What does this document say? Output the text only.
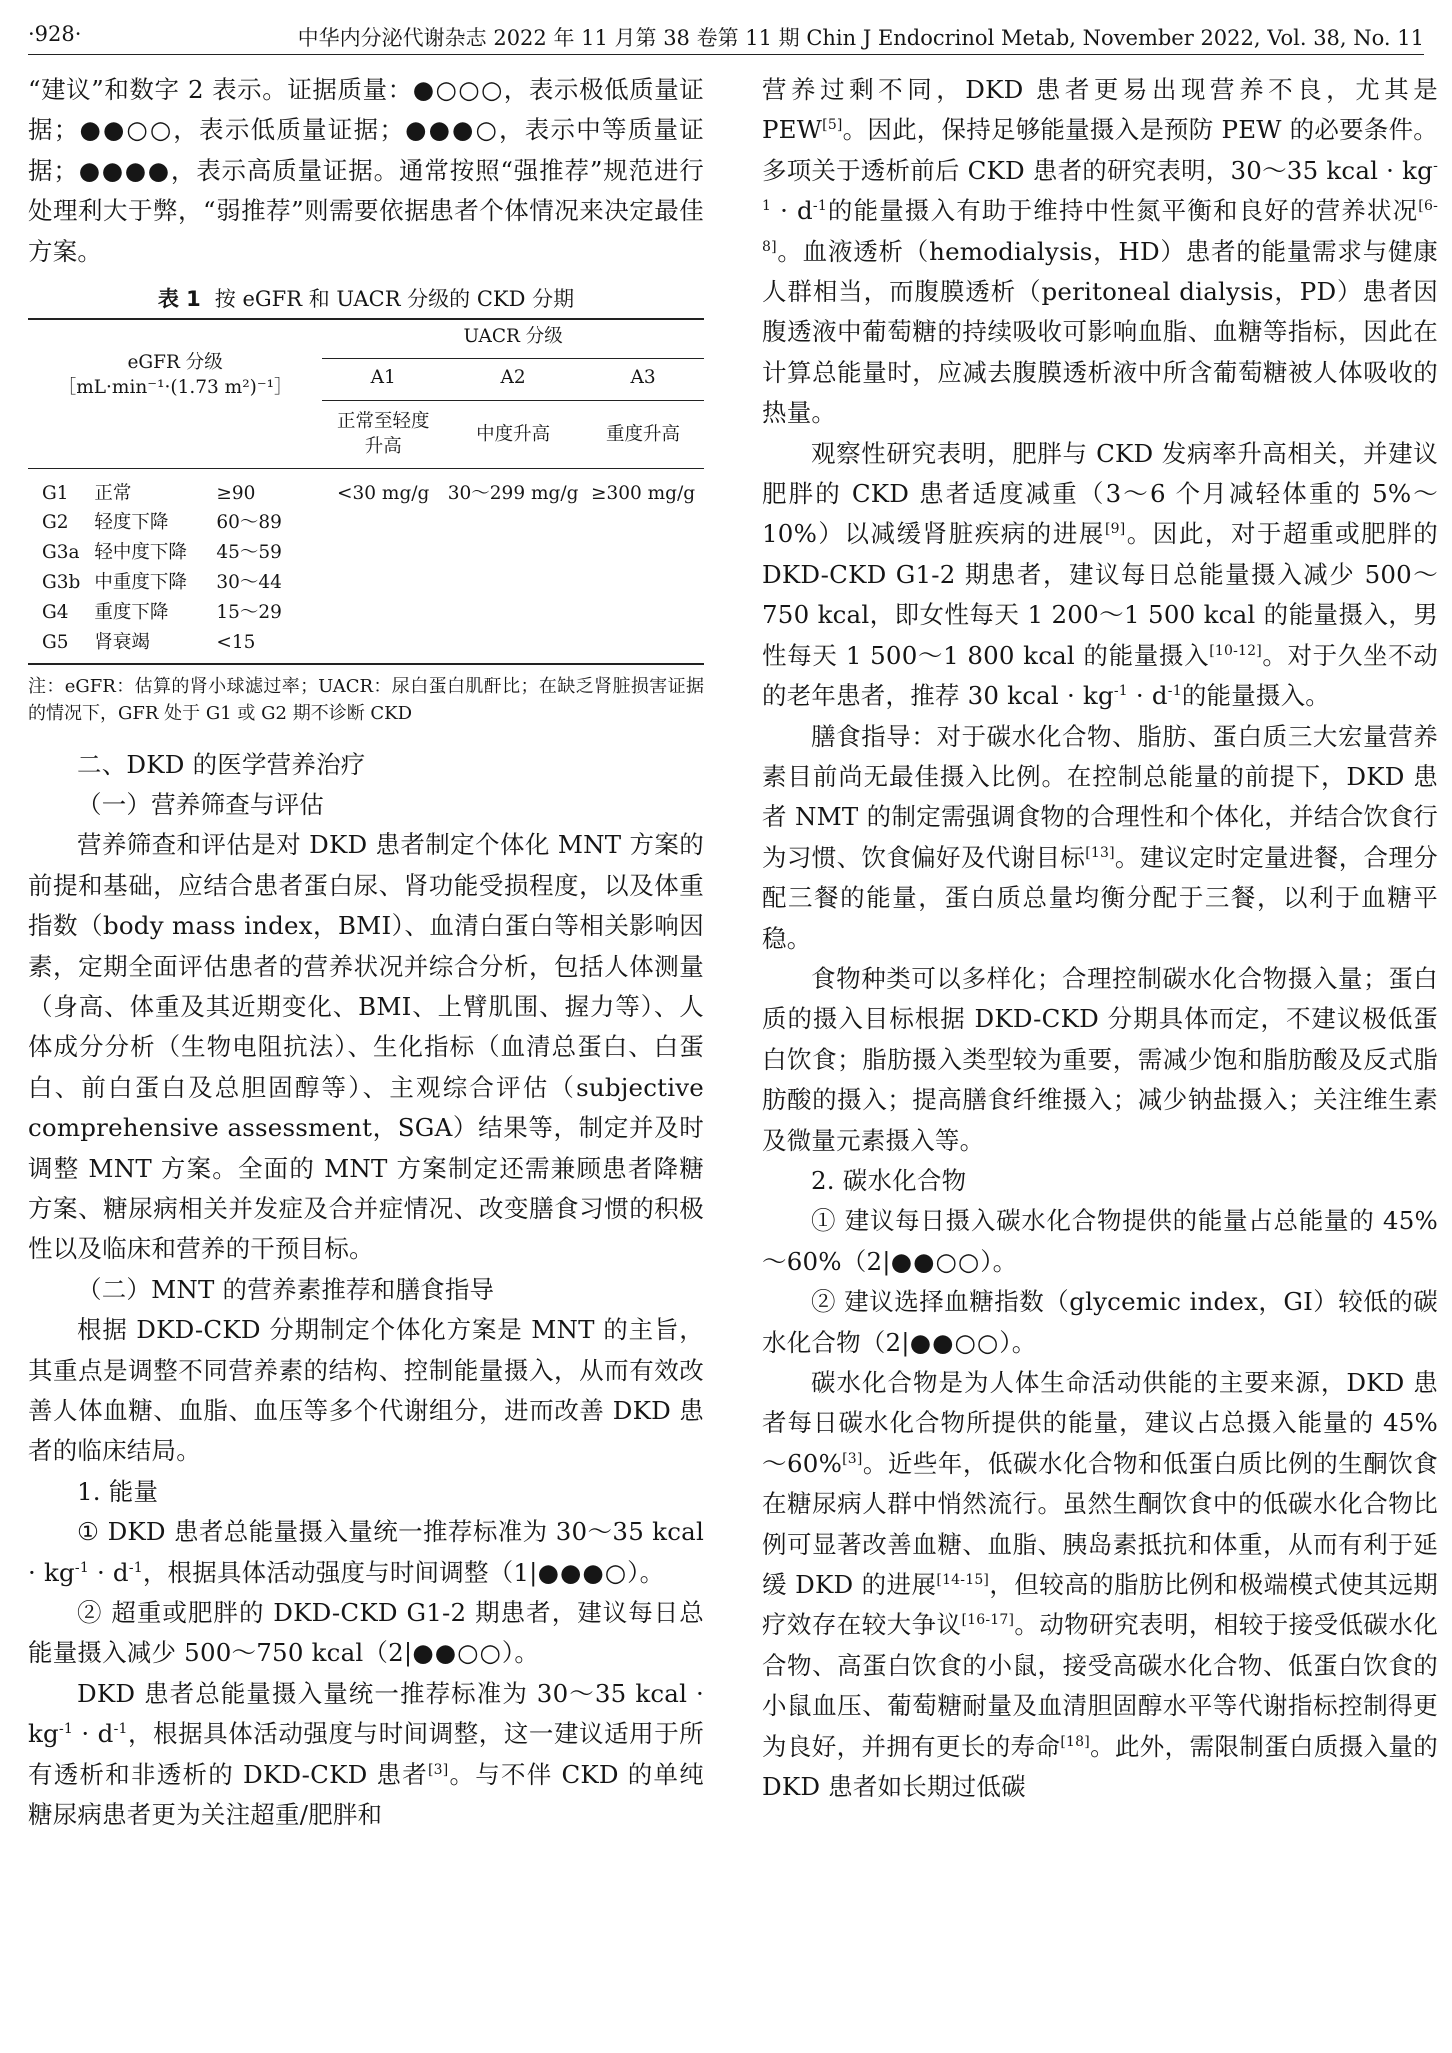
·928·	中华内分泌代谢杂志 2022 年 11 月第 38 卷第 11 期 Chin J Endocrinol Metab, November 2022, Vol. 38, No. 11

“建议”和数字 2 表示。证据质量：●○○○，表示极低质量证据；●●○○，表示低质量证据；●●●○，表示中等质量证据；●●●●，表示高质量证据。通常按照“强推荐”规范进行处理利大于弊，“弱推荐”则需要依据患者个体情况来决定最佳方案。

表 1 按 eGFR 和 UACR 分级的 CKD 分期
eGFR 分级
［mL·min⁻¹·(1.73 m²)⁻¹］			UACR 分级		
			A1	A2	A3
			正常至轻度升高	中度升高	重度升高
G1	正常	≥90	<30 mg/g	30～299 mg/g	≥300 mg/g
G2	轻度下降	60～89			
G3a	轻中度下降	45～59			
G3b	中重度下降	30～44			
G4	重度下降	15～29			
G5	肾衰竭	<15			
注：eGFR：估算的肾小球滤过率；UACR：尿白蛋白肌酐比；在缺乏肾脏损害证据的情况下，GFR 处于 G1 或 G2 期不诊断 CKD

二、DKD 的医学营养治疗

（一）营养筛查与评估

营养筛查和评估是对 DKD 患者制定个体化 MNT 方案的前提和基础，应结合患者蛋白尿、肾功能受损程度，以及体重指数（body mass index，BMI）、血清白蛋白等相关影响因素，定期全面评估患者的营养状况并综合分析，包括人体测量（身高、体重及其近期变化、BMI、上臂肌围、握力等）、人体成分分析（生物电阻抗法）、生化指标（血清总蛋白、白蛋白、前白蛋白及总胆固醇等）、主观综合评估（subjective comprehensive assessment，SGA）结果等，制定并及时调整 MNT 方案。全面的 MNT 方案制定还需兼顾患者降糖方案、糖尿病相关并发症及合并症情况、改变膳食习惯的积极性以及临床和营养的干预目标。

（二）MNT 的营养素推荐和膳食指导

根据 DKD-CKD 分期制定个体化方案是 MNT 的主旨，其重点是调整不同营养素的结构、控制能量摄入，从而有效改善人体血糖、血脂、血压等多个代谢组分，进而改善 DKD 患者的临床结局。

1. 能量

① DKD 患者总能量摄入量统一推荐标准为 30～35 kcal · $kg^{-1} \cdot d^{-1}$，根据具体活动强度与时间调整（1|●●●○）。

② 超重或肥胖的 DKD-CKD G1-2 期患者，建议每日总能量摄入减少 500～750 kcal（2|●●○○）。

DKD 患者总能量摄入量统一推荐标准为 30～35 kcal · $kg^{-1} \cdot d^{-1}$，根据具体活动强度与时间调整，这一建议适用于所有透析和非透析的 DKD-CKD 患者[3]。与不伴 CKD 的单纯糖尿病患者更为关注超重/肥胖和

营养过剩不同，DKD 患者更易出现营养不良，尤其是 PEW[5]。因此，保持足够能量摄入是预防 PEW 的必要条件。多项关于透析前后 CKD 患者的研究表明，30～35 kcal · $kg^{-1} \cdot d^{-1}$的能量摄入有助于维持中性氮平衡和良好的营养状况[6-8]。血液透析（hemodialysis，HD）患者的能量需求与健康人群相当，而腹膜透析（peritoneal dialysis，PD）患者因腹透液中葡萄糖的持续吸收可影响血脂、血糖等指标，因此在计算总能量时，应减去腹膜透析液中所含葡萄糖被人体吸收的热量。

观察性研究表明，肥胖与 CKD 发病率升高相关，并建议肥胖的 CKD 患者适度减重（3～6 个月减轻体重的 5%～10%）以减缓肾脏疾病的进展[9]。因此，对于超重或肥胖的 DKD-CKD G1-2 期患者，建议每日总能量摄入减少 500～750 kcal，即女性每天 1 200～1 500 kcal 的能量摄入，男性每天 1 500～1 800 kcal 的能量摄入[10-12]。对于久坐不动的老年患者，推荐 30 kcal · $kg^{-1} \cdot d^{-1}$的能量摄入。

膳食指导：对于碳水化合物、脂肪、蛋白质三大宏量营养素目前尚无最佳摄入比例。在控制总能量的前提下，DKD 患者 NMT 的制定需强调食物的合理性和个体化，并结合饮食行为习惯、饮食偏好及代谢目标[13]。建议定时定量进餐，合理分配三餐的能量，蛋白质总量均衡分配于三餐，以利于血糖平稳。

食物种类可以多样化；合理控制碳水化合物摄入量；蛋白质的摄入目标根据 DKD-CKD 分期具体而定，不建议极低蛋白饮食；脂肪摄入类型较为重要，需减少饱和脂肪酸及反式脂肪酸的摄入；提高膳食纤维摄入；减少钠盐摄入；关注维生素及微量元素摄入等。

2. 碳水化合物

① 建议每日摄入碳水化合物提供的能量占总能量的 45%～60%（2|●●○○）。

② 建议选择血糖指数（glycemic index，GI）较低的碳水化合物（2|●●○○）。

碳水化合物是为人体生命活动供能的主要来源，DKD 患者每日碳水化合物所提供的能量，建议占总摄入能量的 45%～60%[3]。近些年，低碳水化合物和低蛋白质比例的生酮饮食在糖尿病人群中悄然流行。虽然生酮饮食中的低碳水化合物比例可显著改善血糖、血脂、胰岛素抵抗和体重，从而有利于延缓 DKD 的进展[14-15]，但较高的脂肪比例和极端模式使其远期疗效存在较大争议[16-17]。动物研究表明，相较于接受低碳水化合物、高蛋白饮食的小鼠，接受高碳水化合物、低蛋白饮食的小鼠血压、葡萄糖耐量及血清胆固醇水平等代谢指标控制得更为良好，并拥有更长的寿命[18]。此外，需限制蛋白质摄入量的 DKD 患者如长期过低碳
